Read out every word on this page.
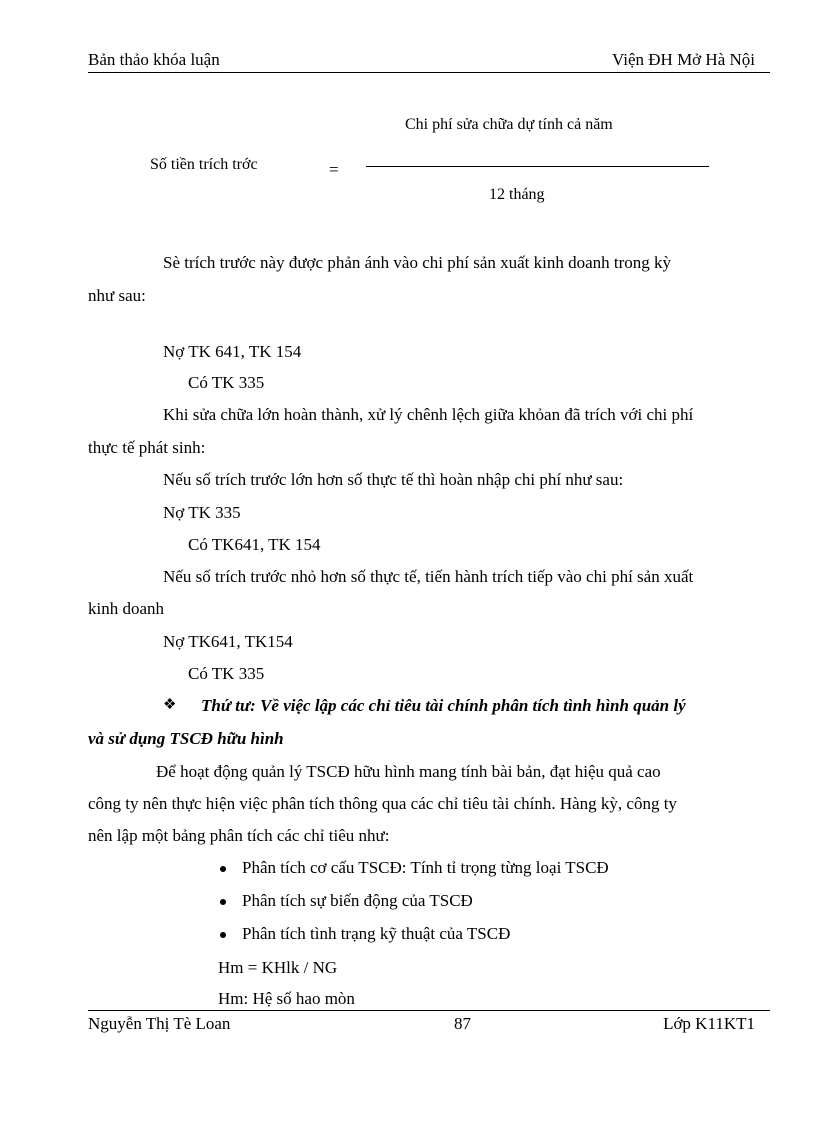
Bản thảo khóa luận	Viện ĐH Mở Hà Nội
Số tiền trích trớc	=
Chi phí sửa chữa dự tính cả năm
12 tháng
Sè trích trước này được phản ánh vào chi phí sản xuất kinh doanh trong kỳ
như sau:
Nợ TK 641, TK 154
Có TK 335
Khi sửa chữa lớn hoàn thành, xử lý chênh lệch giữa khỏan đã trích với chi phí
thực tế phát sinh:
Nếu số trích trước lớn hơn số thực tế thì hoàn nhập chi phí như sau:
Nợ TK 335
Có TK641, TK 154
Nếu số trích trước nhỏ hơn số thực tế, tiến hành trích tiếp vào chi phí sản xuất
kinh doanh
Nợ TK641, TK154
Có TK 335
❖ Thứ tư: Về việc lập các chỉ tiêu tài chính phân tích tình hình quản lý
và sử dụng TSCĐ hữu hình
Để hoạt động quản lý TSCĐ hữu hình mang tính bài bản, đạt hiệu quả cao
công ty nên thực hiện việc phân tích thông qua các chỉ tiêu tài chính. Hàng kỳ, công ty
nên lập một bảng phân tích các chỉ tiêu như:
Phân tích cơ cấu TSCĐ: Tính tỉ trọng từng loại TSCĐ
Phân tích sự biến động của TSCĐ
Phân tích tình trạng kỹ thuật của TSCĐ
Hm = KHlk / NG
Hm: Hệ số hao mòn
Nguyễn Thị Tè Loan	87	Lớp K11KT1
